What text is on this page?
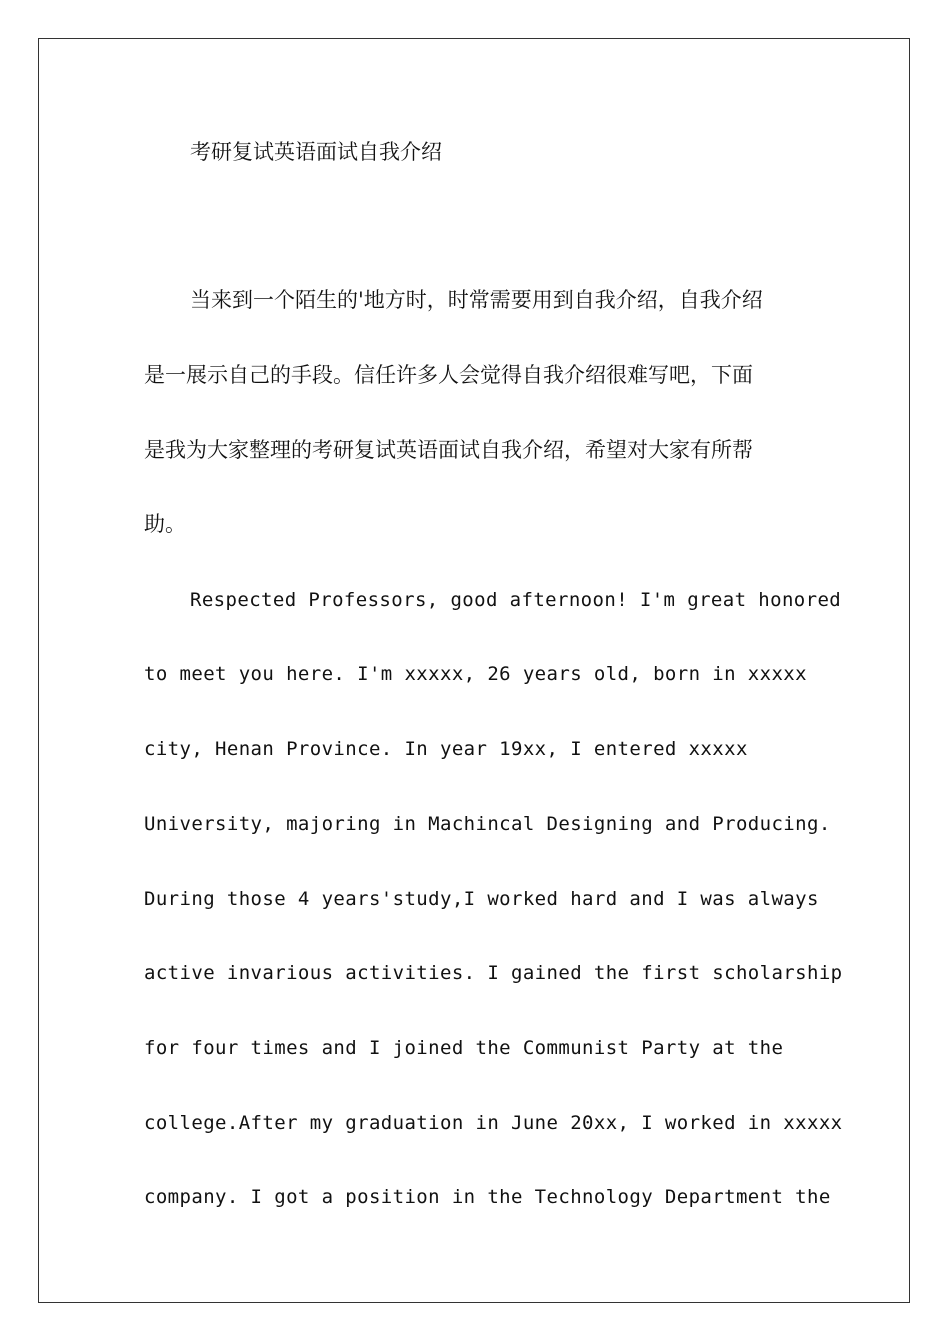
考研复试英语面试自我介绍

当来到一个陌生的'地方时，时常需要用到自我介绍，自我介绍

是一展示自己的手段。信任许多人会觉得自我介绍很难写吧，下面

是我为大家整理的考研复试英语面试自我介绍，希望对大家有所帮

助。

Respected Professors, good afternoon! I'm great honored

to meet you here. I'm xxxxx, 26 years old, born in xxxxx

city, Henan Province. In year 19xx, I entered xxxxx

University, majoring in Machincal Designing and Producing.

During those 4 years'study,I worked hard and I was always

active invarious activities. I gained the first scholarship

for four times and I joined the Communist Party at the

college.After my graduation in June 20xx, I worked in xxxxx

company. I got a position in the Technology Department the
